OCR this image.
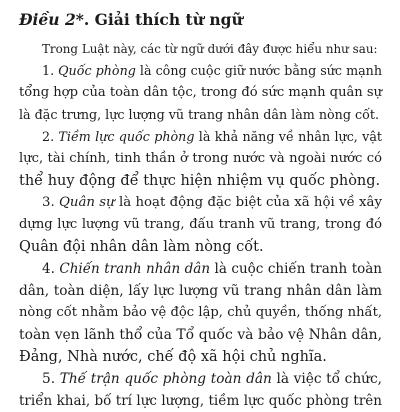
Điều 2*. Giải thích từ ngữ

Trong Luật này, các từ ngữ dưới đây được hiểu như sau:

1. Quốc phòng là công cuộc giữ nước bằng sức mạnh

tổng hợp của toàn dân tộc, trong đó sức mạnh quân sự

là đặc trưng, lực lượng vũ trang nhân dân làm nòng cốt.

2. Tiềm lực quốc phòng là khả năng về nhân lực, vật

lực, tài chính, tinh thần ở trong nước và ngoài nước có

thể huy động để thực hiện nhiệm vụ quốc phòng.

3. Quân sự là hoạt động đặc biệt của xã hội về xây

dựng lực lượng vũ trang, đấu tranh vũ trang, trong đó

Quân đội nhân dân làm nòng cốt.

4. Chiến tranh nhân dân là cuộc chiến tranh toàn

dân, toàn diện, lấy lực lượng vũ trang nhân dân làm

nòng cốt nhằm bảo vệ độc lập, chủ quyền, thống nhất,

toàn vẹn lãnh thổ của Tổ quốc và bảo vệ Nhân dân,

Đảng, Nhà nước, chế độ xã hội chủ nghĩa.

5. Thế trận quốc phòng toàn dân là việc tổ chức,

triển khai, bố trí lực lượng, tiềm lực quốc phòng trên
